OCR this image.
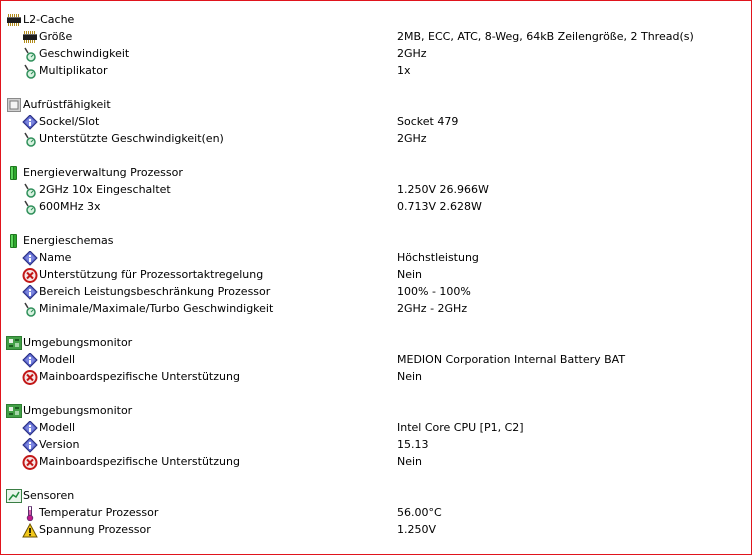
L2-Cache
Größe	2MB, ECC, ATC, 8-Weg, 64kB Zeilengröße, 2 Thread(s)
Geschwindigkeit	2GHz
Multiplikator	1x
Aufrüstfähigkeit
Sockel/Slot	Socket 479
Unterstützte Geschwindigkeit(en)	2GHz
Energieverwaltung Prozessor
2GHz 10x Eingeschaltet	1.250V 26.966W
600MHz 3x	0.713V 2.628W
Energieschemas
Name	Höchstleistung
Unterstützung für Prozessortaktregelung	Nein
Bereich Leistungsbeschränkung Prozessor	100% - 100%
Minimale/Maximale/Turbo Geschwindigkeit	2GHz - 2GHz
Umgebungsmonitor
Modell	MEDION Corporation Internal Battery BAT
Mainboardspezifische Unterstützung	Nein
Umgebungsmonitor
Modell	Intel Core CPU [P1, C2]
Version	15.13
Mainboardspezifische Unterstützung	Nein
Sensoren
Temperatur Prozessor	56.00°C
Spannung Prozessor	1.250V
